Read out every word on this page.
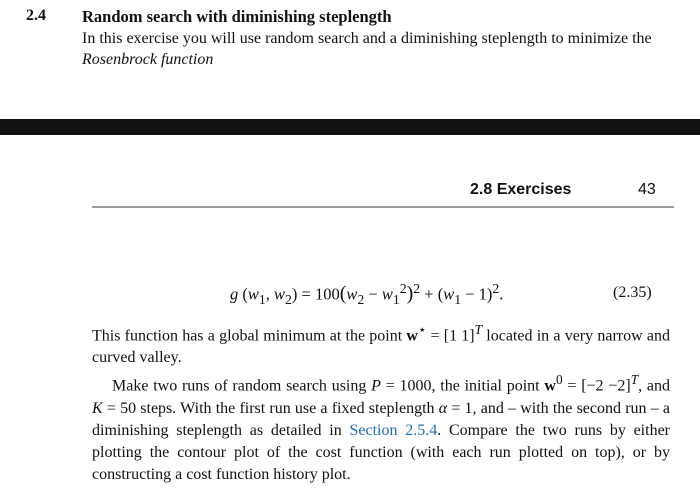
2.4 Random search with diminishing steplength
In this exercise you will use random search and a diminishing steplength to minimize the Rosenbrock function
2.8 Exercises	43
g ($w_1$, $w_2) = 100(w_2 - w_1^2)^2 + (w_1 - 1)^2$.	(2.35)

This function has a global minimum at the point w⋆ = [1 1]$^T$ located in a very narrow and curved valley.

Make two runs of random search using P = 1000, the initial point $w^0 = [-2 -2]^T$, and K = 50 steps. With the first run use a fixed steplength α = 1, and – with the second run – a diminishing steplength as detailed in Section 2.5.4. Compare the two runs by either plotting the contour plot of the cost function (with each run plotted on top), or by constructing a cost function history plot.
